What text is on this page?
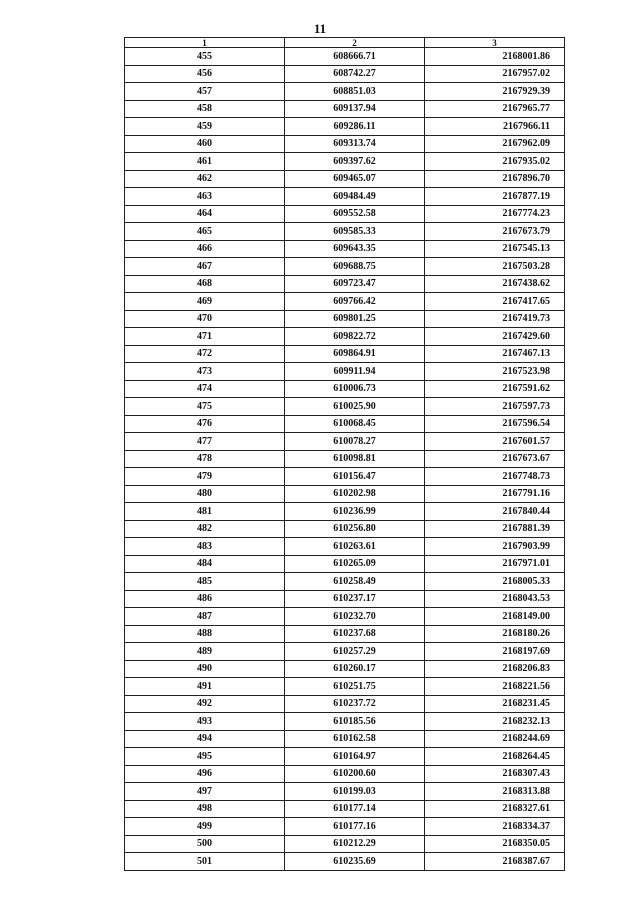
11
1	2	3
455	608666.71	2168001.86
456	608742.27	2167957.02
457	608851.03	2167929.39
458	609137.94	2167965.77
459	609286.11	2167966.11
460	609313.74	2167962.09
461	609397.62	2167935.02
462	609465.07	2167896.70
463	609484.49	2167877.19
464	609552.58	2167774.23
465	609585.33	2167673.79
466	609643.35	2167545.13
467	609688.75	2167503.28
468	609723.47	2167438.62
469	609766.42	2167417.65
470	609801.25	2167419.73
471	609822.72	2167429.60
472	609864.91	2167467.13
473	609911.94	2167523.98
474	610006.73	2167591.62
475	610025.90	2167597.73
476	610068.45	2167596.54
477	610078.27	2167601.57
478	610098.81	2167673.67
479	610156.47	2167748.73
480	610202.98	2167791.16
481	610236.99	2167840.44
482	610256.80	2167881.39
483	610263.61	2167903.99
484	610265.09	2167971.01
485	610258.49	2168005.33
486	610237.17	2168043.53
487	610232.70	2168149.00
488	610237.68	2168180.26
489	610257.29	2168197.69
490	610260.17	2168206.83
491	610251.75	2168221.56
492	610237.72	2168231.45
493	610185.56	2168232.13
494	610162.58	2168244.69
495	610164.97	2168264.45
496	610200.60	2168307.43
497	610199.03	2168313.88
498	610177.14	2168327.61
499	610177.16	2168334.37
500	610212.29	2168350.05
501	610235.69	2168387.67
